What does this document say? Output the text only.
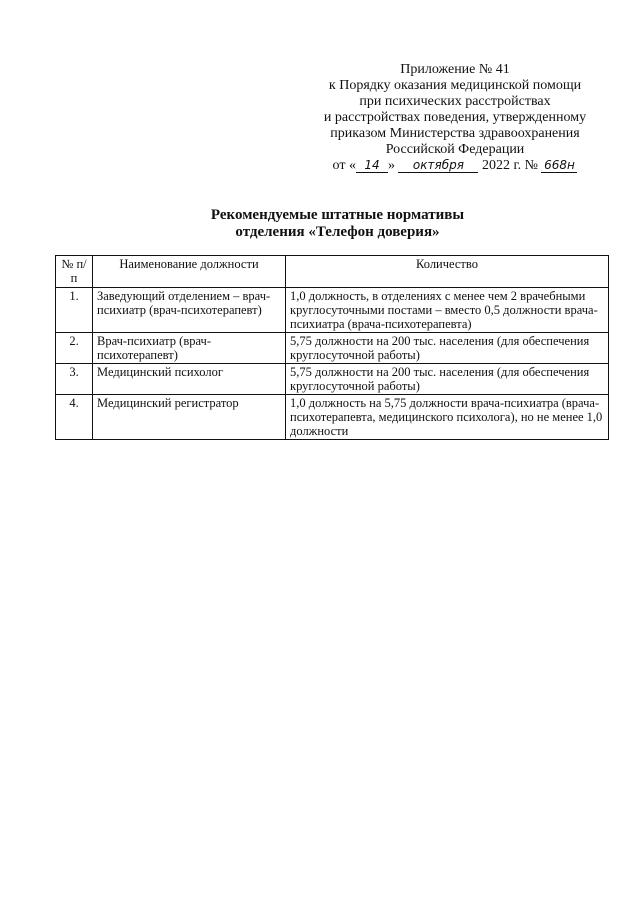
Приложение № 41
к Порядку оказания медицинской помощи
при психических расстройствах
и расстройствах поведения, утвержденному
приказом Министерства здравоохранения
Российской Федерации
от « 14 » октября 2022 г. № 668н
Рекомендуемые штатные нормативы
отделения «Телефон доверия»
№ п/п	Наименование должности	Количество
1.	Заведующий отделением – врач-психиатр (врач-психотерапевт)	1,0 должность, в отделениях с менее чем 2 врачебными круглосуточными постами – вместо 0,5 должности врача-психиатра (врача-психотерапевта)
2.	Врач-психиатр (врач-психотерапевт)	5,75 должности на 200 тыс. населения (для обеспечения круглосуточной работы)
3.	Медицинский психолог	5,75 должности на 200 тыс. населения (для обеспечения круглосуточной работы)
4.	Медицинский регистратор	1,0 должность на 5,75 должности врача-психиатра (врача-психотерапевта, медицинского психолога), но не менее 1,0 должности
